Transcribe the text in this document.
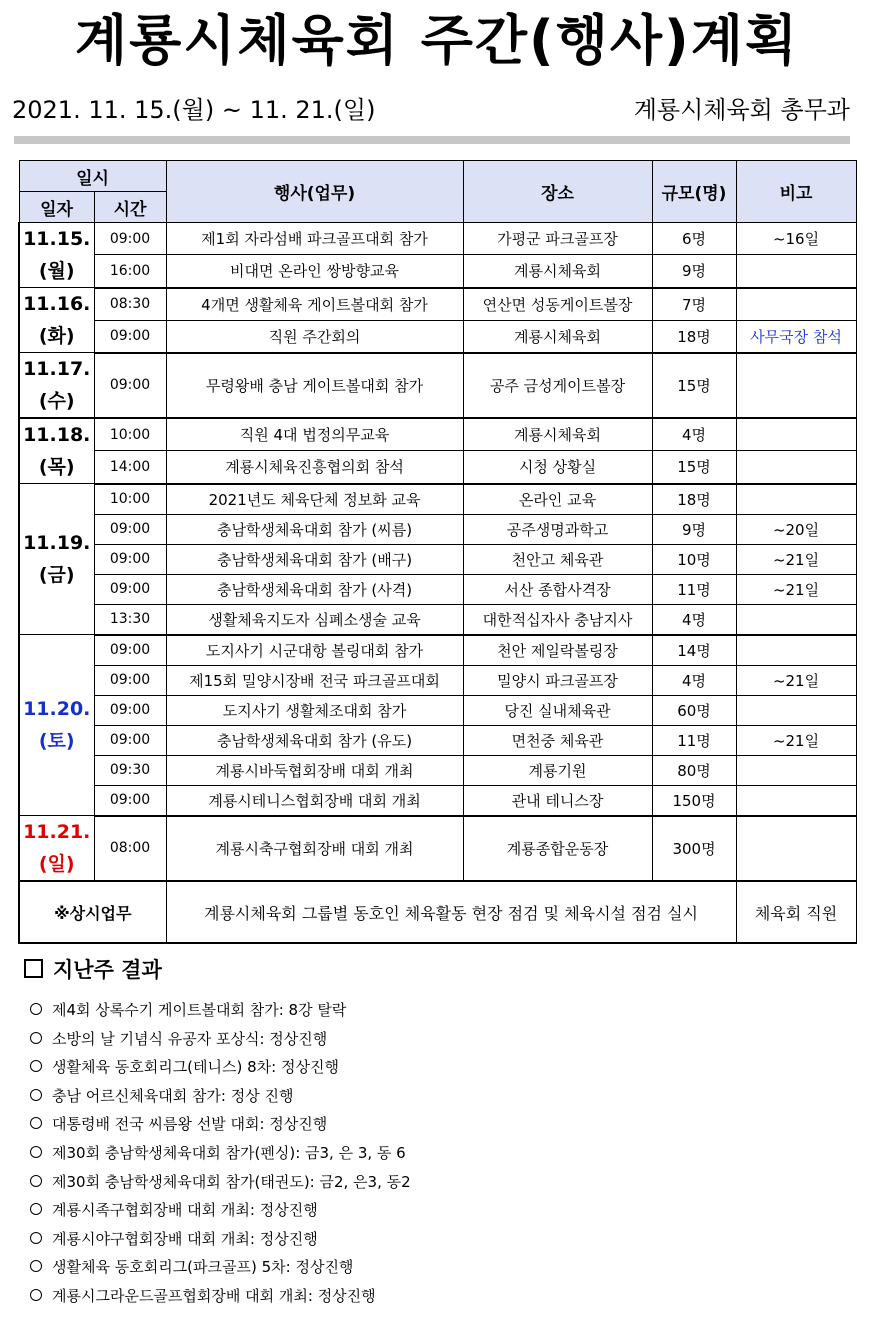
계룡시체육회 주간(행사)계획
2021. 11. 15.(월) ~ 11. 21.(일)	계룡시체육회 총무과
일시		행사(업무)	장소	규모(명)	비고
일자	시간				

11.15.
(월)	09:00	제1회 자라섬배 파크골프대회 참가	가평군 파크골프장	6명	~16일
	16:00	비대면 온라인 쌍방향교육	계룡시체육회	9명	

11.16.
(화)	08:30	4개면 생활체육 게이트볼대회 참가	연산면 성동게이트볼장	7명	
	09:00	직원 주간회의	계룡시체육회	18명	사무국장 참석

11.17.
(수)	09:00	무령왕배 충남 게이트볼대회 참가	공주 금성게이트볼장	15명	

11.18.
(목)	10:00	직원 4대 법정의무교육	계룡시체육회	4명	
	14:00	계룡시체육진흥협의회 참석	시청 상황실	15명	

11.19.
(금)	10:00	2021년도 체육단체 정보화 교육	온라인 교육	18명	
	09:00	충남학생체육대회 참가 (씨름)	공주생명과학고	9명	~20일
	09:00	충남학생체육대회 참가 (배구)	천안고 체육관	10명	~21일
	09:00	충남학생체육대회 참가 (사격)	서산 종합사격장	11명	~21일
	13:30	생활체육지도자 심폐소생술 교육	대한적십자사 충남지사	4명	

11.20.
(토)	09:00	도지사기 시군대항 볼링대회 참가	천안 제일락볼링장	14명	
	09:00	제15회 밀양시장배 전국 파크골프대회	밀양시 파크골프장	4명	~21일
	09:00	도지사기 생활체조대회 참가	당진 실내체육관	60명	
	09:00	충남학생체육대회 참가 (유도)	면천중 체육관	11명	~21일
	09:30	계룡시바둑협회장배 대회 개최	계룡기원	80명	
	09:00	계룡시테니스협회장배 대회 개최	관내 테니스장	150명	

11.21.
(일)	08:00	계룡시축구협회장배 대회 개최	계룡종합운동장	300명	
※상시업무		계룡시체육회 그룹별 동호인 체육활동 현장 점검 및 체육시설 점검 실시			체육회 직원
지난주 결과
제4회 상록수기 게이트볼대회 참가: 8강 탈락
소방의 날 기념식 유공자 포상식: 정상진행
생활체육 동호회리그(테니스) 8차: 정상진행
충남 어르신체육대회 참가: 정상 진행
대통령배 전국 씨름왕 선발 대회: 정상진행
제30회 충남학생체육대회 참가(펜싱): 금3, 은 3, 동 6
제30회 충남학생체육대회 참가(태권도): 금2, 은3, 동2
계룡시족구협회장배 대회 개최: 정상진행
계룡시야구협회장배 대회 개최: 정상진행
생활체육 동호회리그(파크골프) 5차: 정상진행
계룡시그라운드골프협회장배 대회 개최: 정상진행
